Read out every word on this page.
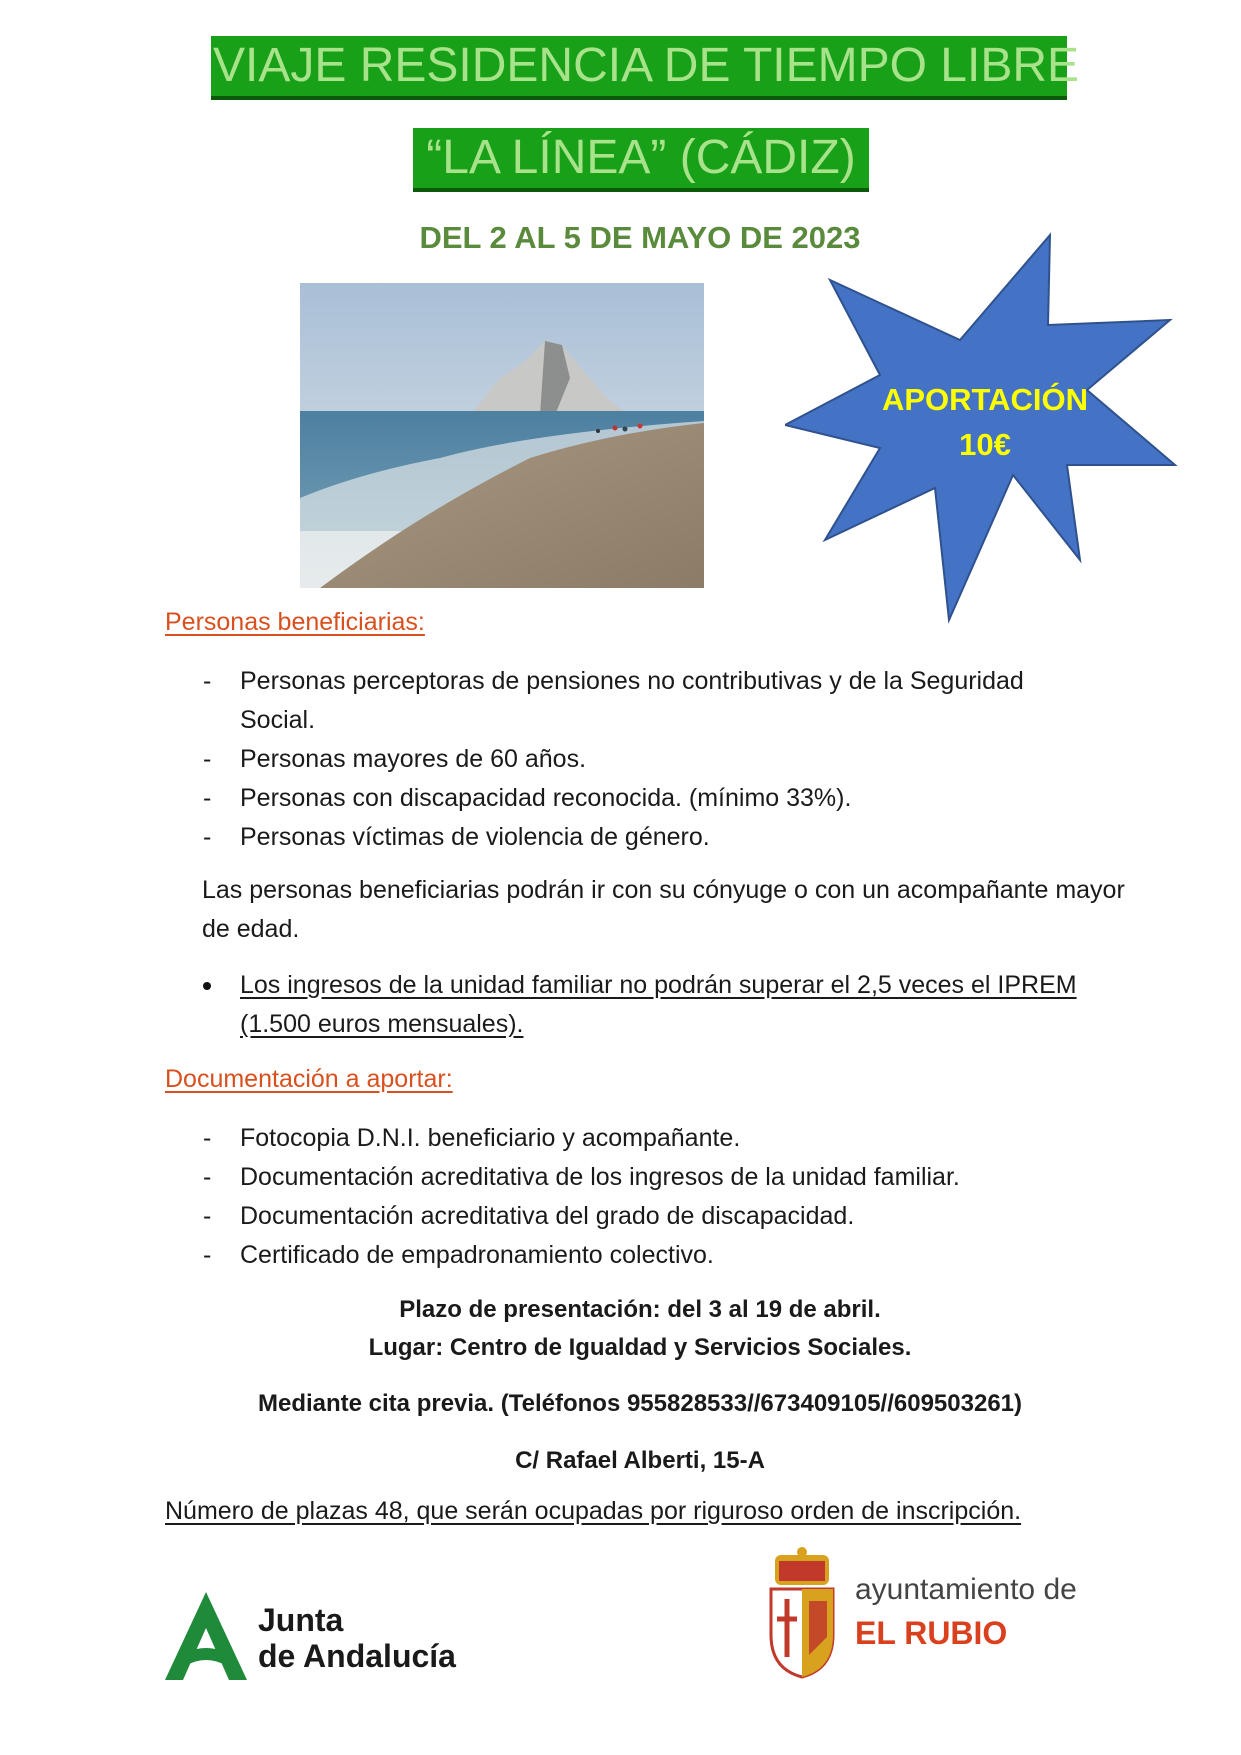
VIAJE RESIDENCIA DE TIEMPO LIBRE
“LA LÍNEA” (CÁDIZ)
DEL 2 AL 5 DE MAYO DE 2023
APORTACIÓN
10€
Personas beneficiarias:
- Personas perceptoras de pensiones no contributivas y de la Seguridad Social.
- Personas mayores de 60 años.
- Personas con discapacidad reconocida. (mínimo 33%).
- Personas víctimas de violencia de género.
Las personas beneficiarias podrán ir con su cónyuge o con un acompañante mayor de edad.
Los ingresos de la unidad familiar no podrán superar el 2,5 veces el IPREM (1.500 euros mensuales).
Documentación a aportar:
- Fotocopia D.N.I. beneficiario y acompañante.
- Documentación acreditativa de los ingresos de la unidad familiar.
- Documentación acreditativa del grado de discapacidad.
- Certificado de empadronamiento colectivo.
Plazo de presentación: del 3 al 19 de abril.
Lugar: Centro de Igualdad y Servicios Sociales.
Mediante cita previa. (Teléfonos 955828533//673409105//609503261)
C/ Rafael Alberti, 15-A
Número de plazas 48, que serán ocupadas por riguroso orden de inscripción.
Junta
de Andalucía
ayuntamiento de
EL RUBIO
